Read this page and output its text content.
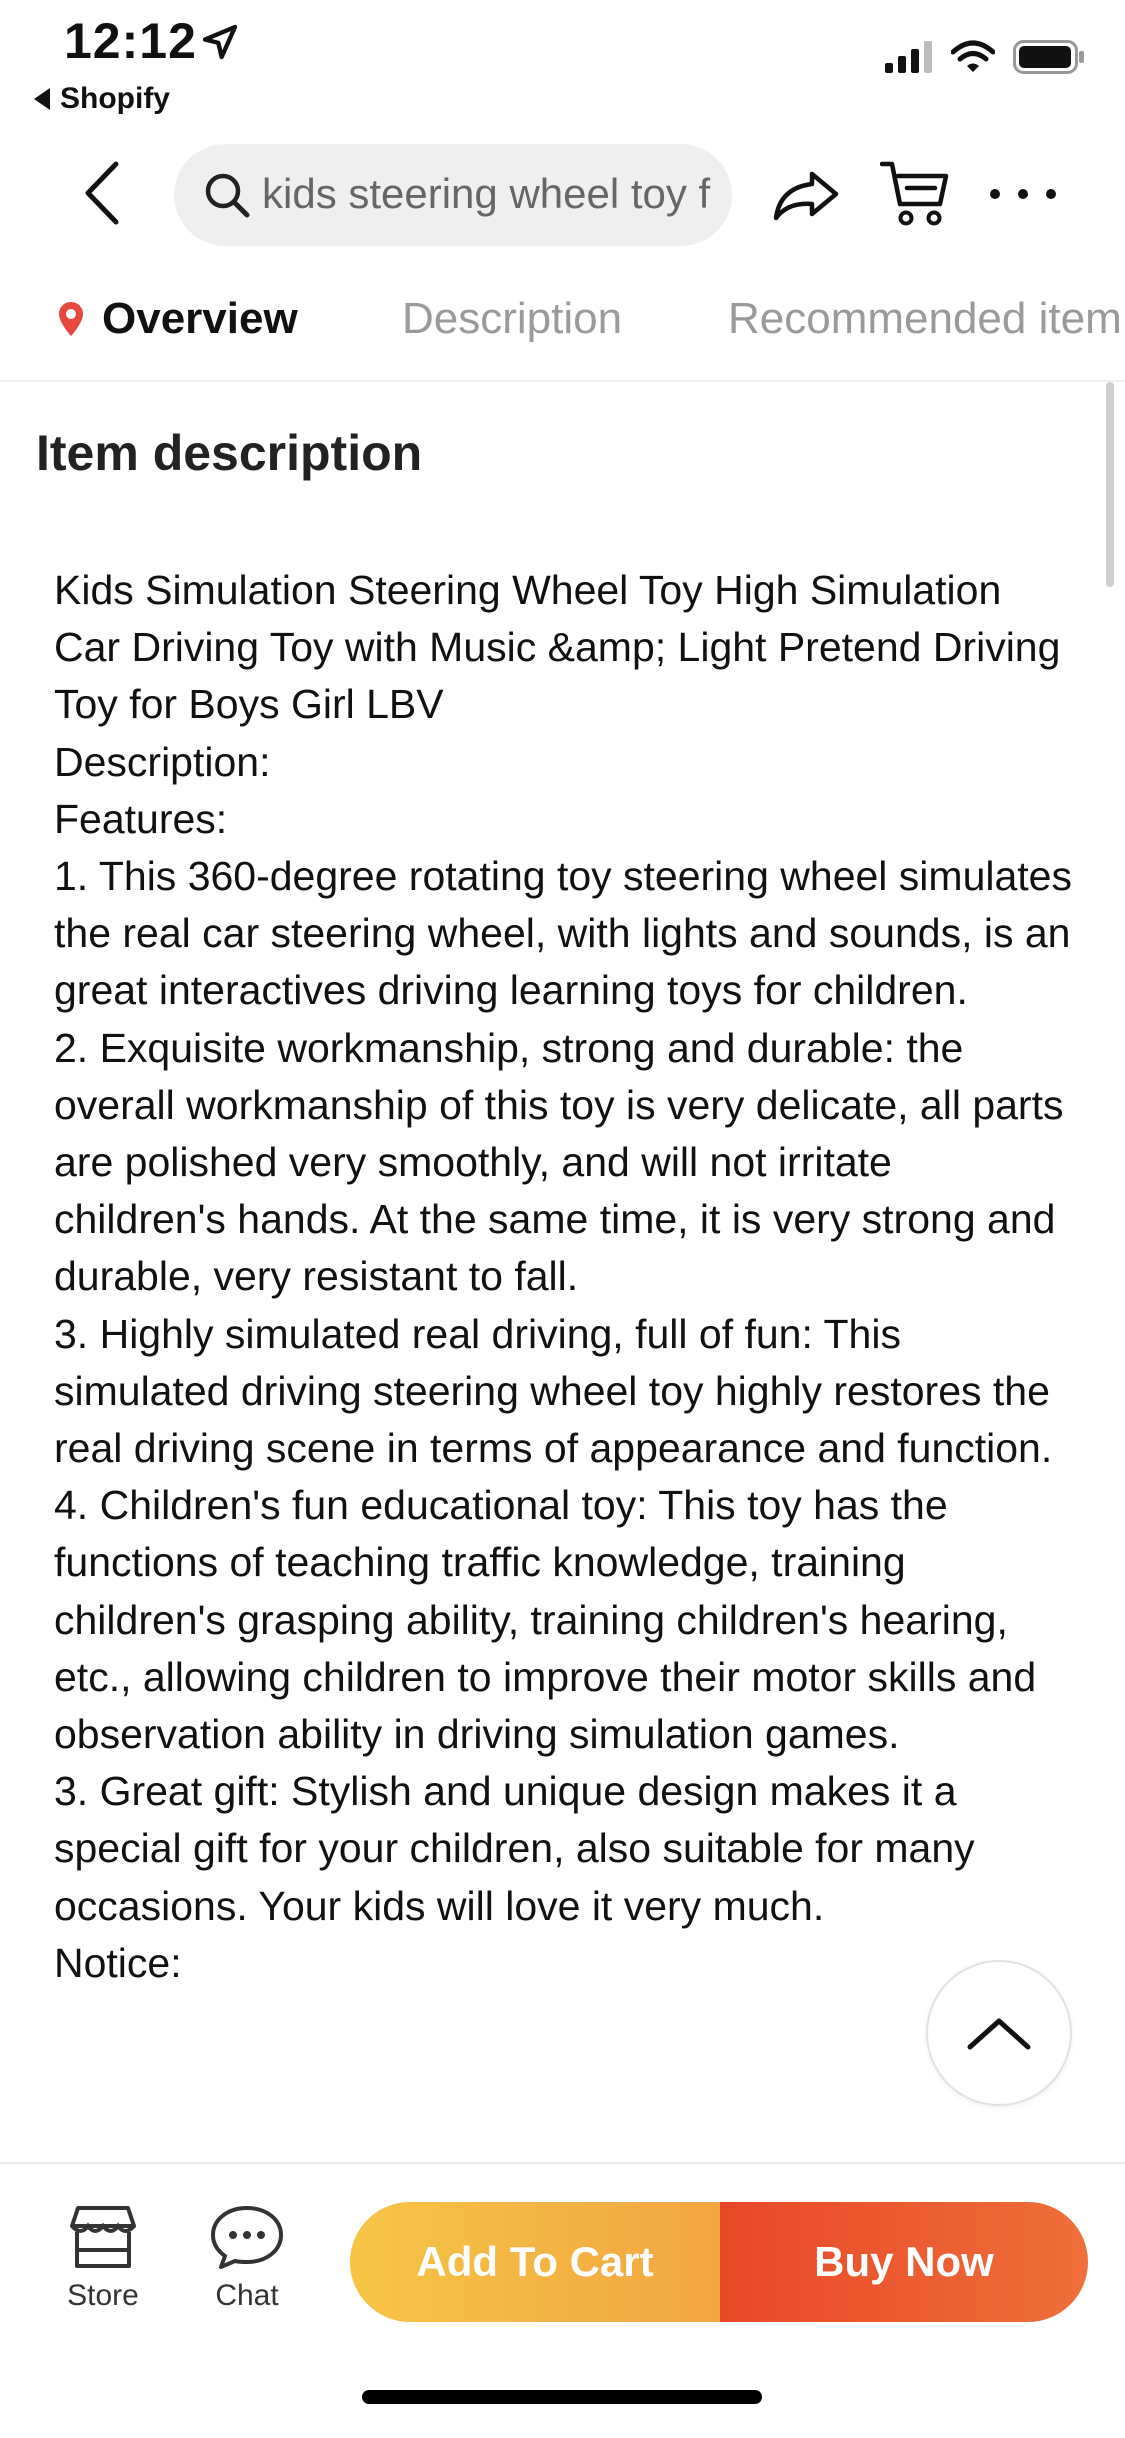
12:12
Shopify
kids steering wheel toy f
Overview Description Recommended item
Item description

Kids Simulation Steering Wheel Toy High Simulation Car Driving Toy with Music &amp; Light Pretend Driving Toy for Boys Girl LBV

Description:

Features:

1. This 360-degree rotating toy steering wheel simulates the real car steering wheel, with lights and sounds, is an great interactives driving learning toys for children.

2. Exquisite workmanship, strong and durable: the overall workmanship of this toy is very delicate, all parts are polished very smoothly, and will not irritate children's hands. At the same time, it is very strong and durable, very resistant to fall.

3. Highly simulated real driving, full of fun: This simulated driving steering wheel toy highly restores the real driving scene in terms of appearance and function.

4. Children's fun educational toy: This toy has the functions of teaching traffic knowledge, training children's grasping ability, training children's hearing, etc., allowing children to improve their motor skills and observation ability in driving simulation games.

3. Great gift: Stylish and unique design makes it a special gift for your children, also suitable for many occasions. Your kids will love it very much.

Notice:

Store	Chat
Add To Cart	Buy Now
